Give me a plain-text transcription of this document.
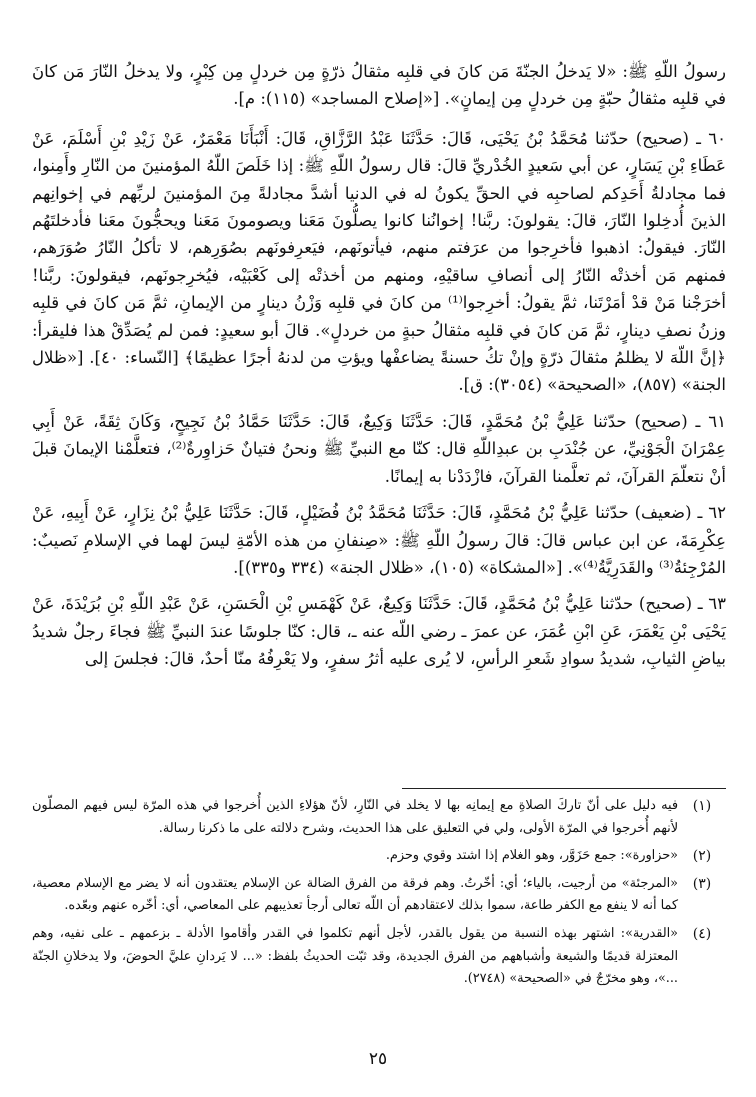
رسولُ اللّهِ ﷺ: «لا يَدخلُ الجنّةَ مَن كانَ في قلبِه مثقالُ ذرّةٍ مِن خردلٍ مِن كِبْرٍ، ولا يدخلُ النّارَ مَن كانَ في قلبِه مثقالُ حبّةٍ مِن خردلٍ مِن إيمانٍ». [«إصلاح المساجد» (١١٥): م].

٦٠ ـ (صحيح) حدّثنا مُحَمَّدُ بْنُ يَحْيَى، قَالَ: حَدَّثَنَا عَبْدُ الرَّزَّاقِ، قَالَ: أَنْبَأَنَا مَعْمَرٌ، عَنْ زَيْدِ بْنِ أَسْلَمَ، عَنْ عَطَاءِ بْنِ يَسَارٍ، عن أبي سَعيدٍ الخُدْريِّ قالَ: قال رسولُ اللّهِ ﷺ: إذا خَلَصَ اللّهُ المؤمنينَ من النّارِ وأَمِنوا، فما مجادلةُ أَحَدِكم لصاحبِه في الحقِّ يكونُ له في الدنيا أشدَّ مجادلةً مِنَ المؤمنينَ لربِّهم في إخوانِهم الذينَ أُدخِلوا النّارَ، قالَ: يقولونَ: ربَّنا! إخوانُنا كانوا يصلُّونَ مَعَنا ويصومونَ مَعَنا ويحجُّونَ معَنا فأدخلتَهُم النّارَ. فيقولُ: اذهبوا فأخرِجوا من عرَفتم منهم، فيأتونَهم، فيَعرِفونَهم بصُوَرِهم، لا تأكلُ النّارُ صُوَرَهم، فمنهم مَن أخذتْه النّارُ إلى أنصافِ ساقيْهِ، ومنهم من أخذتْه إلى كَعْبَيْه، فيُخرِجونَهم، فيقولونَ: ربَّنا! أخرَجْنا مَنْ قدْ أمَرْتَنا، ثمَّ يقولُ: أخرِجوا⁽¹⁾ من كانَ في قلبِه وَزْنُ دينارٍ من الإيمانِ، ثمَّ مَن كانَ في قلبِه وزنُ نصفِ دينارٍ، ثمَّ مَن كانَ في قلبِه مثقالُ حبةٍ من خردلٍ». قالَ أبو سعيدٍ: فمن لم يُصَدِّقْ هذا فليقرأ: ﴿إنَّ اللّهَ لا يظلمُ مثقالَ ذرّةٍ وإنْ تكُ حسنةً يضاعفْها ويؤتِ من لدنهُ أجرًا عظيمًا﴾ [النّساء: ٤٠]. [«ظلال الجنة» (٨٥٧)، «الصحيحة» (٣٠٥٤): ق].

٦١ ـ (صحيح) حدّثنا عَلِيُّ بْنُ مُحَمَّدٍ، قَالَ: حَدَّثَنَا وَكِيعٌ، قَالَ: حَدَّثَنَا حَمَّادُ بْنُ نَجِيحٍ، وَكَانَ ثِقَةً، عَنْ أَبِي عِمْرَانَ الْجَوْنِيِّ، عن جُنْدَبِ بن عبدِاللّهِ قال: كنّا مع النبيِّ ﷺ ونحنُ فتيانٌ حَزاوِرةٌ⁽²⁾، فتعلَّمْنا الإيمانَ قبلَ أنْ نتعلّمَ القرآنَ، ثم تعلَّمنا القرآنَ، فازْدَدْنا به إيمانًا.

٦٢ ـ (ضعيف) حدّثنا عَلِيُّ بْنُ مُحَمَّدٍ، قَالَ: حَدَّثَنَا مُحَمَّدُ بْنُ فُضَيْلٍ، قَالَ: حَدَّثَنَا عَلِيُّ بْنُ نِزَارٍ، عَنْ أَبِيهِ، عَنْ عِكْرِمَةَ، عن ابن عباس قالَ: قالَ رسولُ اللّهِ ﷺ: «صِنفانِ من هذه الأمّةِ ليسَ لهما في الإسلامِ نَصيبٌ: المُرْجِئةُ⁽³⁾ والقَدَرِيَّةُ⁽⁴⁾». [«المشكاة» (١٠٥)، «ظلال الجنة» (٣٣٤ و٣٣٥)].

٦٣ ـ (صحيح) حدّثنا عَلِيُّ بْنُ مُحَمَّدٍ، قَالَ: حَدَّثَنَا وَكِيعٌ، عَنْ كَهْمَسِ بْنِ الْحَسَنِ، عَنْ عَبْدِ اللّهِ بْنِ بُرَيْدَةَ، عَنْ يَحْيَى بْنِ يَعْمَرَ، عَنِ ابْنِ عُمَرَ، عن عمرَ ـ رضي اللّه عنه ـ، قال: كنّا جلوسًا عندَ النبيِّ ﷺ فجاءَ رجلٌ شديدُ بياضِ الثيابِ، شديدُ سوادِ شَعرِ الرأسِ، لا يُرى عليه أثرُ سفرٍ، ولا يَعْرِفُهُ منّا أحدٌ، قالَ: فجلسَ إلى

(١)
فيه دليل على أنّ تاركَ الصلاةِ مع إيمانِه بها لا يخلد في النّارِ، لأنّ هؤلاءِ الذين أُخرجوا في هذه المرّة ليس فيهم المصلّون لأنهم أُخرجوا في المرّة الأولى، ولي في التعليق على هذا الحديث، وشرح دلالته على ما ذكرنا رسالة.
(٢)
«حزاورة»: جمع حَزَوَّر، وهو الغلام إذا اشتد وقوي وحزم.
(٣)
«المرجئة» من أرجيت، بالياء؛ أي: أخّرتُ. وهم فرقة من الفرق الضالة عن الإسلام يعتقدون أنه لا يضر مع الإسلام معصية، كما أنه لا ينفع مع الكفر طاعة، سموا بذلك لاعتقادهم أن اللّه تعالى أرجأ تعذيبهم على المعاصي، أي: أخّره عنهم وبعّده.
(٤)
«القدرية»: اشتهر بهذه النسبة من يقول بالقدر، لأجل أنهم تكلموا في القدر وأقاموا الأدلة ـ بزعمهم ـ على نفيه، وهم المعتزلة قديمًا والشيعة وأشباههم من الفرق الجديدة، وقد ثبّت الحديثُ بلفظ: «... لا يَردانِ عليَّ الحوضَ، ولا يدخلانِ الجنّة ...»، وهو مخرّجٌ في «الصحيحة» (٢٧٤٨).
٢٥
